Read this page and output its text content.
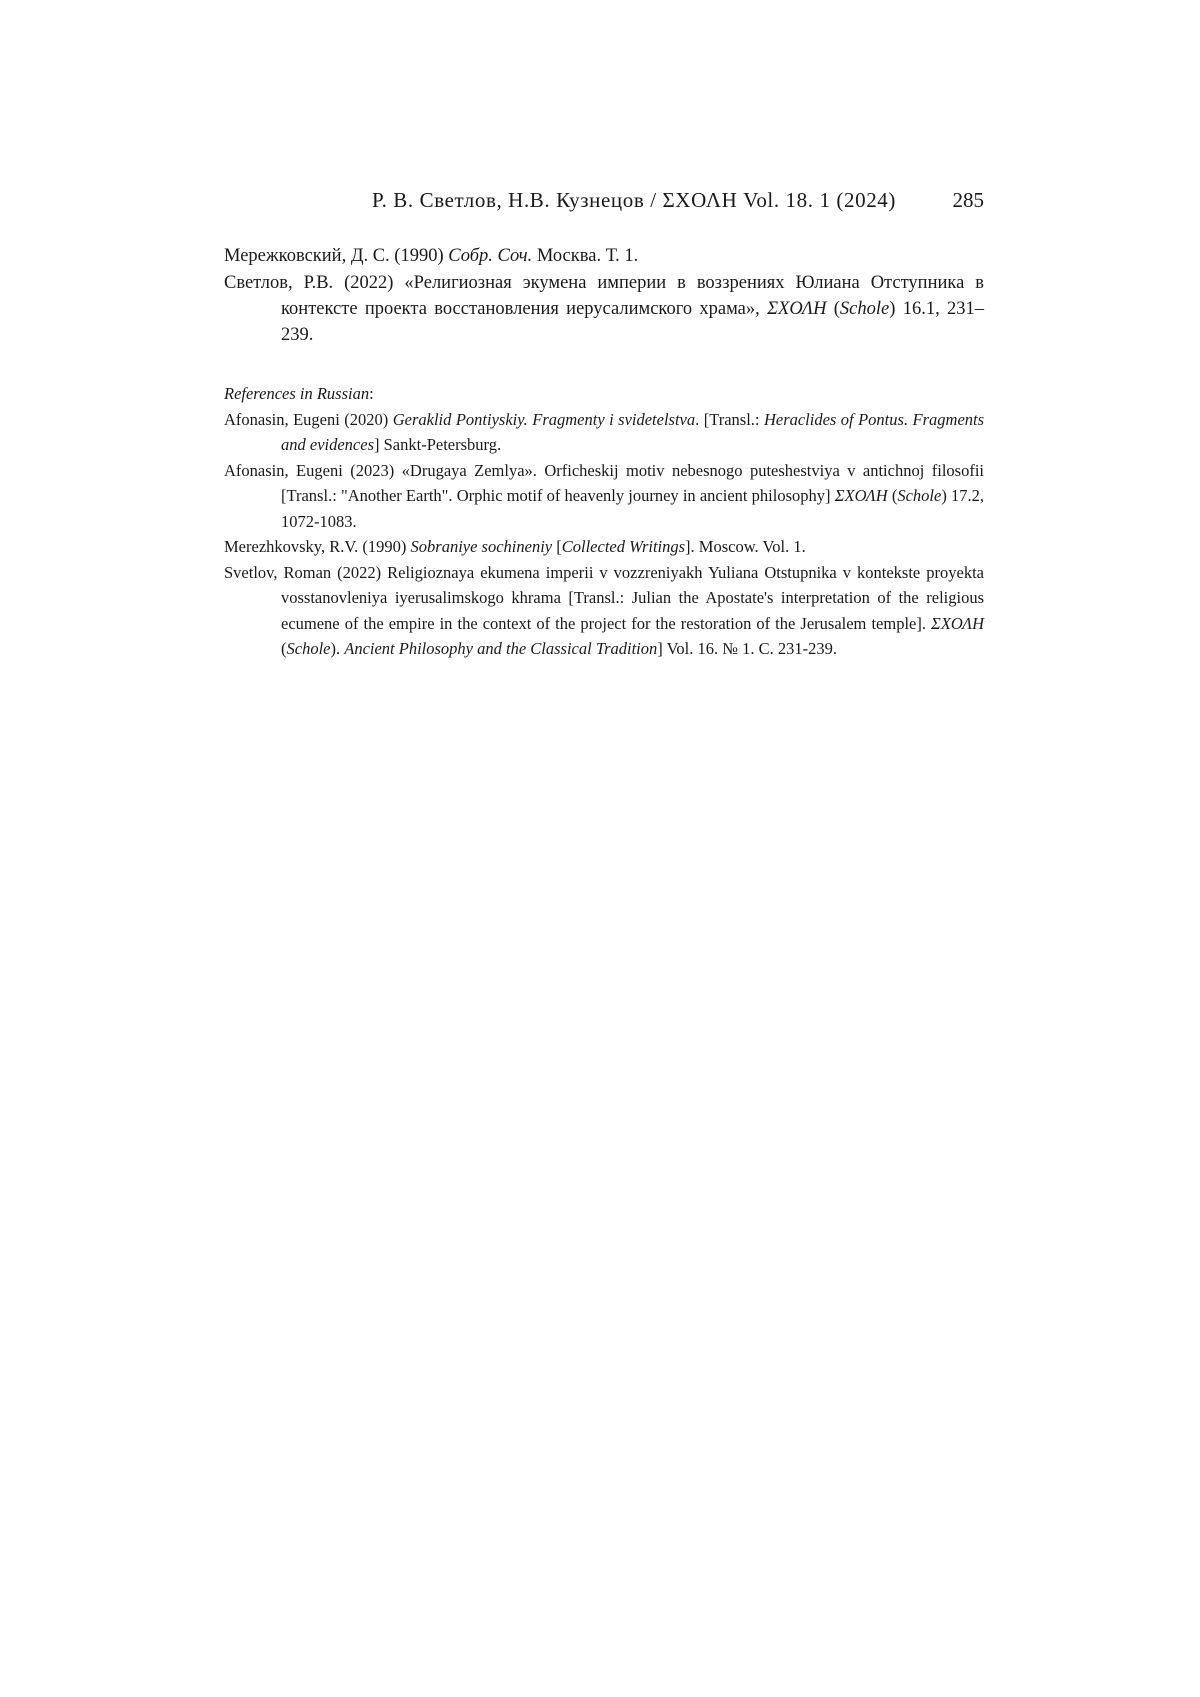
Р. В. Светлов, Н.В. Кузнецов / ΣΧΟΛΗ Vol. 18. 1 (2024)	285

Мережковский, Д. С. (1990) Собр. Соч. Москва. Т. 1.

Светлов, Р.В. (2022) «Религиозная экумена империи в воззрениях Юлиана Отступника в контексте проекта восстановления иерусалимского храма», ΣΧΟΛΗ (Schole) 16.1, 231–239.

References in Russian:

Afonasin, Eugeni (2020) Geraklid Pontiyskiy. Fragmenty i svidetelstva. [Transl.: Heraclides of Pontus. Fragments and evidences] Sankt-Petersburg.

Afonasin, Eugeni (2023) «Drugaya Zemlya». Orficheskij motiv nebesnogo puteshestviya v antichnoj filosofii [Transl.: "Another Earth". Orphic motif of heavenly journey in ancient philosophy] ΣΧΟΛΗ (Schole) 17.2, 1072-1083.

Merezhkovsky, R.V. (1990) Sobraniye sochineniy [Collected Writings]. Moscow. Vol. 1.

Svetlov, Roman (2022) Religioznaya ekumena imperii v vozzreniyakh Yuliana Otstupnika v kontekste proyekta vosstanovleniya iyerusalimskogo khrama [Transl.: Julian the Apostate's interpretation of the religious ecumene of the empire in the context of the project for the restoration of the Jerusalem temple]. ΣΧΟΛΗ (Schole). Ancient Philosophy and the Classical Tradition] Vol. 16. № 1. С. 231-239.
